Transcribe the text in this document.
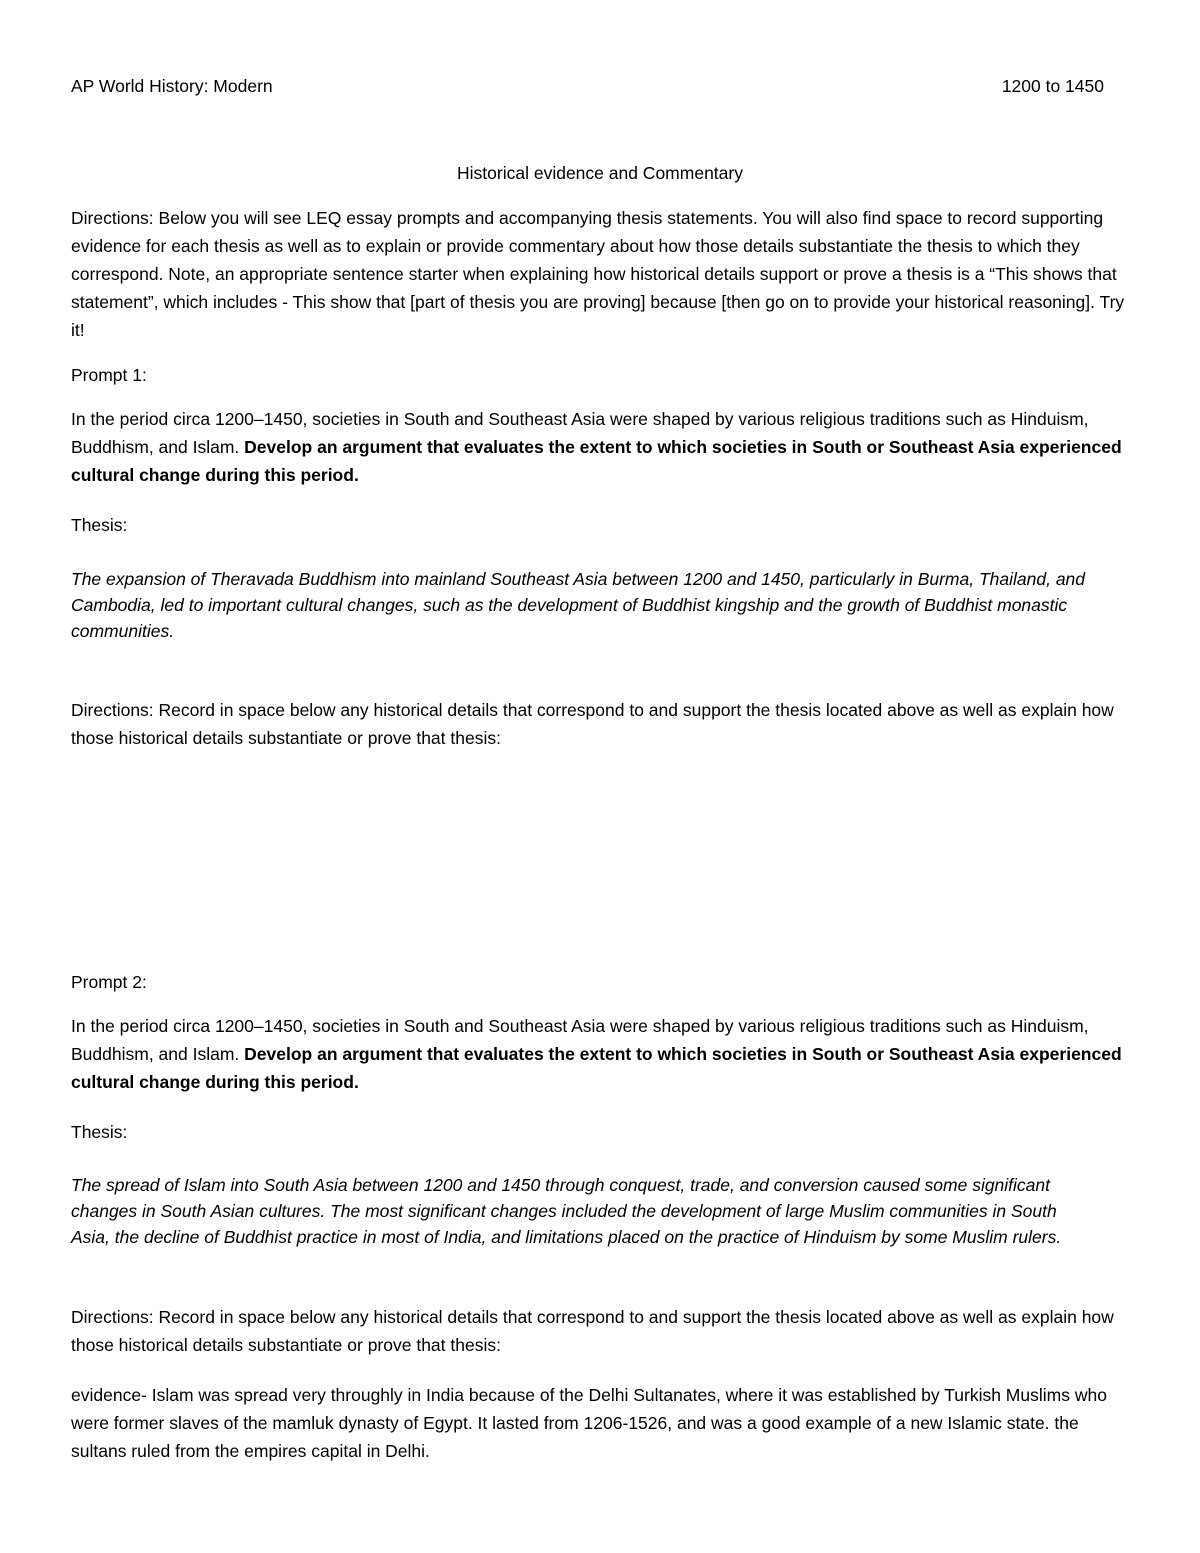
AP World History: Modern	1200 to 1450
Historical evidence and Commentary

Directions: Below you will see LEQ essay prompts and accompanying thesis statements. You will also find space to record supporting evidence for each thesis as well as to explain or provide commentary about how those details substantiate the thesis to which they correspond. Note, an appropriate sentence starter when explaining how historical details support or prove a thesis is a “This shows that statement”, which includes - This show that [part of thesis you are proving] because [then go on to provide your historical reasoning]. Try it!

Prompt 1:

In the period circa 1200–1450, societies in South and Southeast Asia were shaped by various religious traditions such as Hinduism, Buddhism, and Islam. Develop an argument that evaluates the extent to which societies in South or Southeast Asia experienced cultural change during this period.

Thesis:

The expansion of Theravada Buddhism into mainland Southeast Asia between 1200 and 1450, particularly in Burma, Thailand, and Cambodia, led to important cultural changes, such as the development of Buddhist kingship and the growth of Buddhist monastic communities.

Directions: Record in space below any historical details that correspond to and support the thesis located above as well as explain how those historical details substantiate or prove that thesis:

Prompt 2:

In the period circa 1200–1450, societies in South and Southeast Asia were shaped by various religious traditions such as Hinduism, Buddhism, and Islam. Develop an argument that evaluates the extent to which societies in South or Southeast Asia experienced cultural change during this period.

Thesis:

The spread of Islam into South Asia between 1200 and 1450 through conquest, trade, and conversion caused some significant changes in South Asian cultures. The most significant changes included the development of large Muslim communities in South Asia, the decline of Buddhist practice in most of India, and limitations placed on the practice of Hinduism by some Muslim rulers.

Directions: Record in space below any historical details that correspond to and support the thesis located above as well as explain how those historical details substantiate or prove that thesis:

evidence- Islam was spread very throughly in India because of the Delhi Sultanates, where it was established by Turkish Muslims who were former slaves of the mamluk dynasty of Egypt. It lasted from 1206-1526, and was a good example of a new Islamic state. the sultans ruled from the empires capital in Delhi.
